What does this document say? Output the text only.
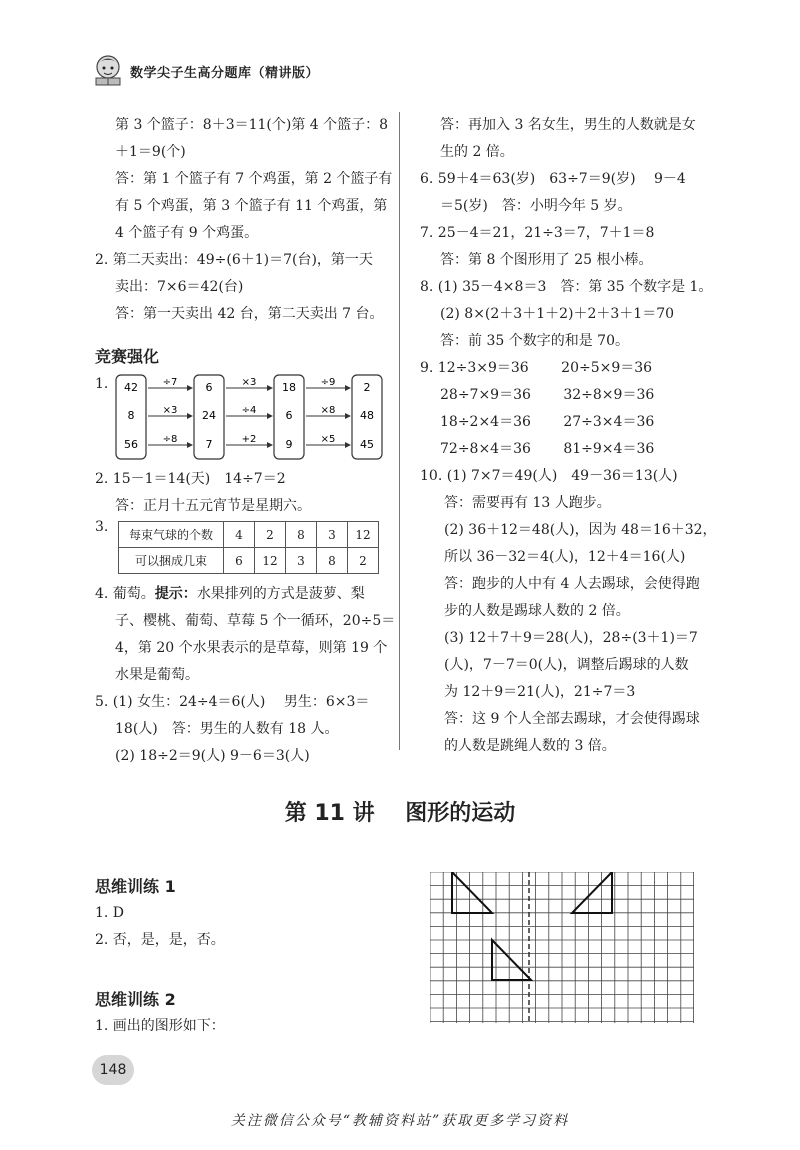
数学尖子生高分题库（精讲版）

第 3 个篮子：8＋3＝11(个)第 4 个篮子：8

＋1＝9(个)

答：第 1 个篮子有 7 个鸡蛋，第 2 个篮子有

有 5 个鸡蛋，第 3 个篮子有 11 个鸡蛋，第

4 个篮子有 9 个鸡蛋。

2. 第二天卖出：49÷(6＋1)＝7(台)，第一天

卖出：7×6＝42(台)

答：第一天卖出 42 台，第二天卖出 7 台。

竞赛强化
1. 42
8
56
6
24
7
18
6
9
2
48
45
÷7
×3
÷8
×3
÷4
+2
÷9
×8
×5

2. 15－1＝14(天)　14÷7＝2

答：正月十五元宵节是星期六。

3. 每束气球的个数	4	2	8	3	12
可以捆成几束	6	12	3	8	2

4. 葡萄。提示：水果排列的方式是菠萝、梨

子、樱桃、葡萄、草莓 5 个一循环，20÷5＝

4，第 20 个水果表示的是草莓，则第 19 个

水果是葡萄。

5. (1) 女生：24÷4＝6(人)　 男生：6×3＝

18(人)　答：男生的人数有 18 人。

(2) 18÷2＝9(人) 9－6＝3(人)

答：再加入 3 名女生，男生的人数就是女

生的 2 倍。

6. 59＋4＝63(岁)　63÷7＝9(岁)　 9－4

＝5(岁)　答：小明今年 5 岁。

7. 25－4＝21，21÷3＝7，7＋1＝8

答：第 8 个图形用了 25 根小棒。

8. (1) 35－4×8＝3　答：第 35 个数字是 1。

(2) 8×(2＋3＋1＋2)＋2＋3＋1＝70

答：前 35 个数字的和是 70。

9. 12÷3×9＝36　　 20÷5×9＝36

28÷7×9＝36　　 32÷8×9＝36

18÷2×4＝36　　 27÷3×4＝36

72÷8×4＝36　　 81÷9×4＝36

10. (1) 7×7＝49(人)　49－36＝13(人)

答：需要再有 13 人跑步。

(2) 36＋12＝48(人)，因为 48＝16＋32，

所以 36－32＝4(人)，12＋4＝16(人)

答：跑步的人中有 4 人去踢球，会使得跑

步的人数是踢球人数的 2 倍。

(3) 12＋7＋9＝28(人)，28÷(3＋1)＝7

(人)，7－7＝0(人)，调整后踢球的人数

为 12＋9＝21(人)，21÷7＝3

答：这 9 个人全部去踢球，才会使得踢球

的人数是跳绳人数的 3 倍。

第 11 讲 图形的运动
思维训练 1

1. D

2. 否，是，是，否。

思维训练 2

1. 画出的图形如下：

148
关注微信公众号“教辅资料站”获取更多学习资料
